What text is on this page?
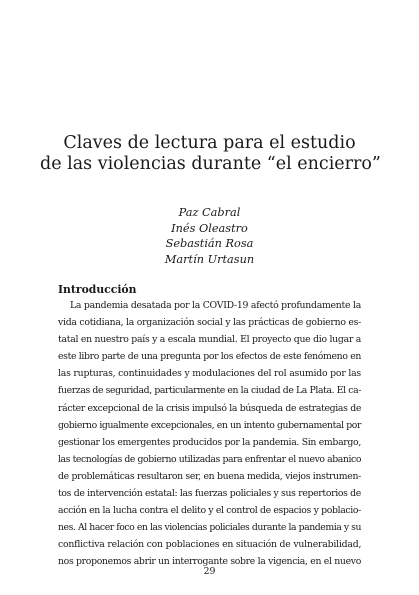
Claves de lectura para el estudio
de las violencias durante “el encierro”
Paz Cabral
Inés Oleastro
Sebastián Rosa
Martín Urtasun
Introducción
La pandemia desatada por la COVID-19 afectó profundamente la
vida cotidiana, la organización social y las prácticas de gobierno es-
tatal en nuestro país y a escala mundial. El proyecto que dio lugar a
este libro parte de una pregunta por los efectos de este fenómeno en
las rupturas, continuidades y modulaciones del rol asumido por las
fuerzas de seguridad, particularmente en la ciudad de La Plata. El ca-
rácter excepcional de la crisis impulsó la búsqueda de estrategias de
gobierno igualmente excepcionales, en un intento gubernamental por
gestionar los emergentes producidos por la pandemia. Sin embargo,
las tecnologías de gobierno utilizadas para enfrentar el nuevo abanico
de problemáticas resultaron ser, en buena medida, viejos instrumen-
tos de intervención estatal: las fuerzas policiales y sus repertorios de
acción en la lucha contra el delito y el control de espacios y poblacio-
nes. Al hacer foco en las violencias policiales durante la pandemia y su
conflictiva relación con poblaciones en situación de vulnerabilidad,
nos proponemos abrir un interrogante sobre la vigencia, en el nuevo
29
